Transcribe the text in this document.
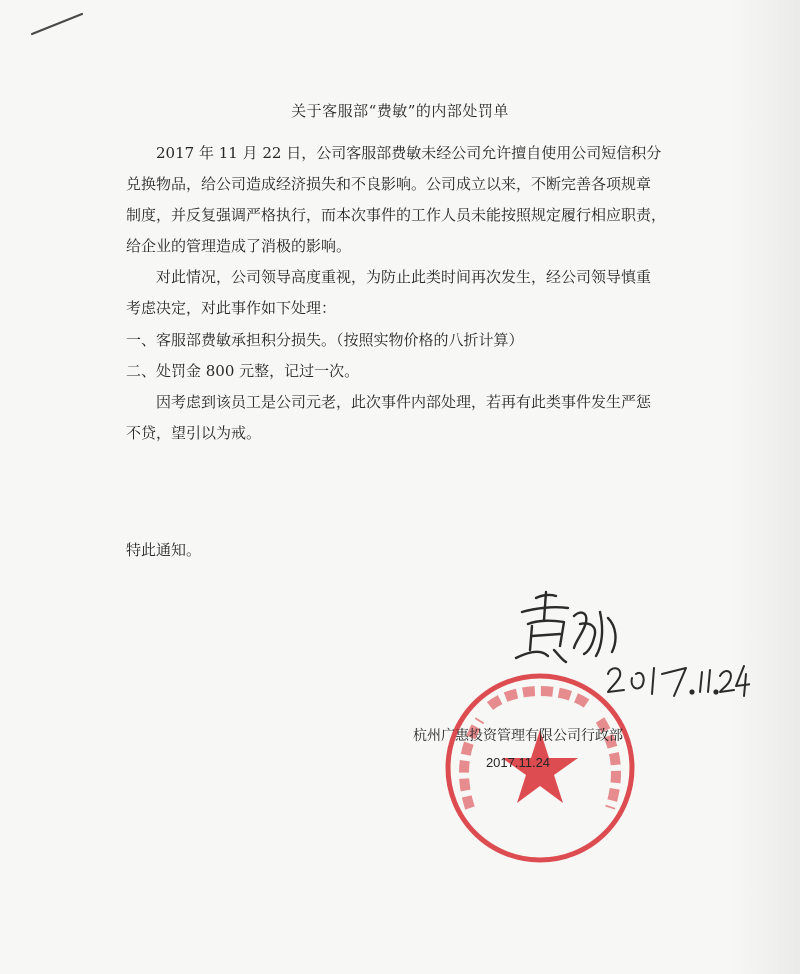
关于客服部“费敏”的内部处罚单
2017 年 11 月 22 日，公司客服部费敏未经公司允许擅自使用公司短信积分
兑换物品，给公司造成经济损失和不良影响。公司成立以来，不断完善各项规章
制度，并反复强调严格执行，而本次事件的工作人员未能按照规定履行相应职责，
给企业的管理造成了消极的影响。
对此情况，公司领导高度重视，为防止此类时间再次发生，经公司领导慎重
考虑决定，对此事作如下处理：
一、客服部费敏承担积分损失。（按照实物价格的八折计算）
二、处罚金 800 元整，记过一次。
因考虑到该员工是公司元老，此次事件内部处理，若再有此类事件发生严惩
不贷，望引以为戒。
特此通知。
杭州广惠投资管理有限公司行政部
2017.11.24
